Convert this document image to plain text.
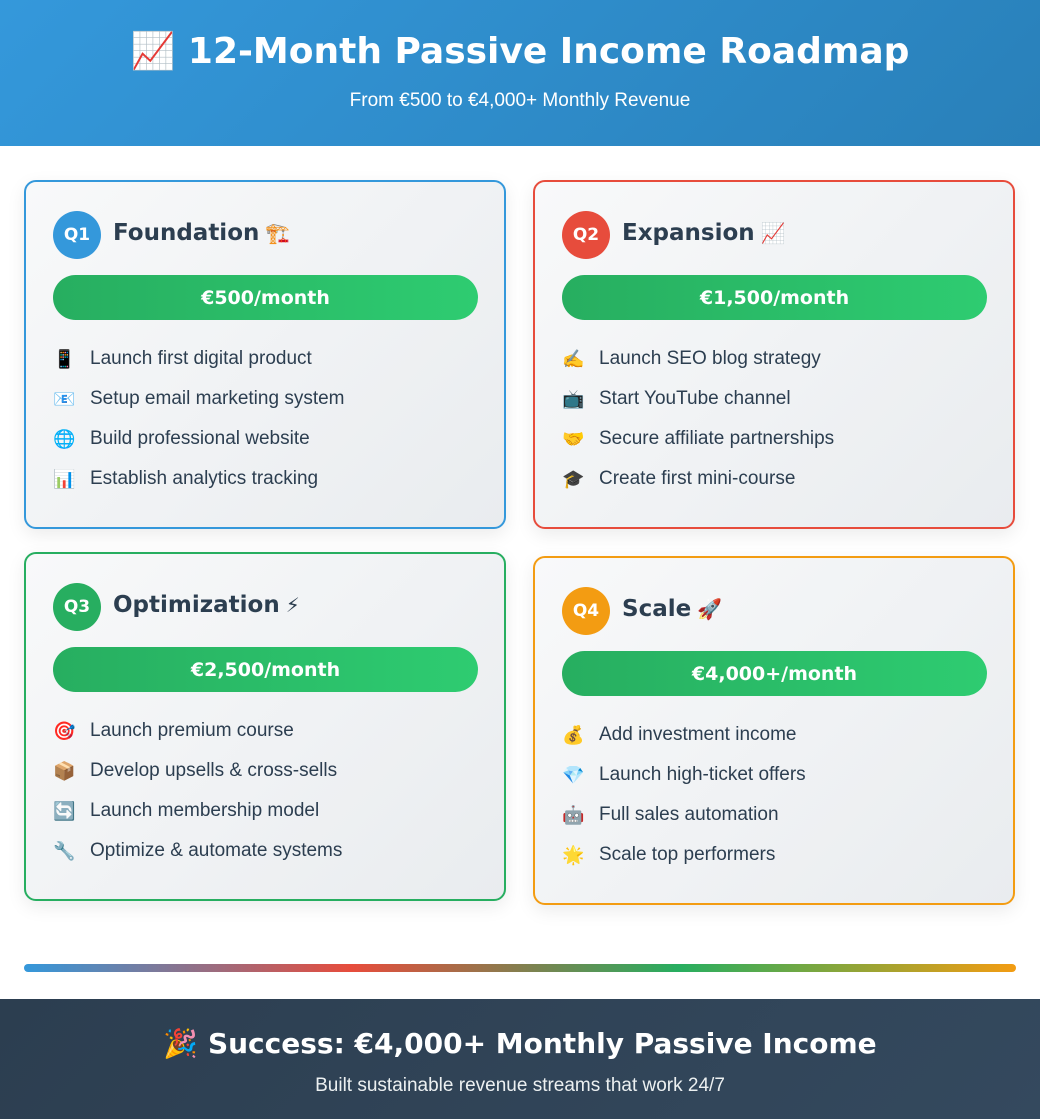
📈 12-Month Passive Income Roadmap
From €500 to €4,000+ Monthly Revenue
Q1 Foundation 🏗️
€500/month
📱 Launch first digital product
📧 Setup email marketing system
🌐 Build professional website
📊 Establish analytics tracking
Q2 Expansion 📈
€1,500/month
✍️ Launch SEO blog strategy
📺 Start YouTube channel
🤝 Secure affiliate partnerships
🎓 Create first mini-course
Q3 Optimization ⚡
€2,500/month
🎯 Launch premium course
📦 Develop upsells & cross-sells
🔄 Launch membership model
🔧 Optimize & automate systems
Q4 Scale 🚀
€4,000+/month
💰 Add investment income
💎 Launch high-ticket offers
🤖 Full sales automation
🌟 Scale top performers
🎉 Success: €4,000+ Monthly Passive Income
Built sustainable revenue streams that work 24/7
